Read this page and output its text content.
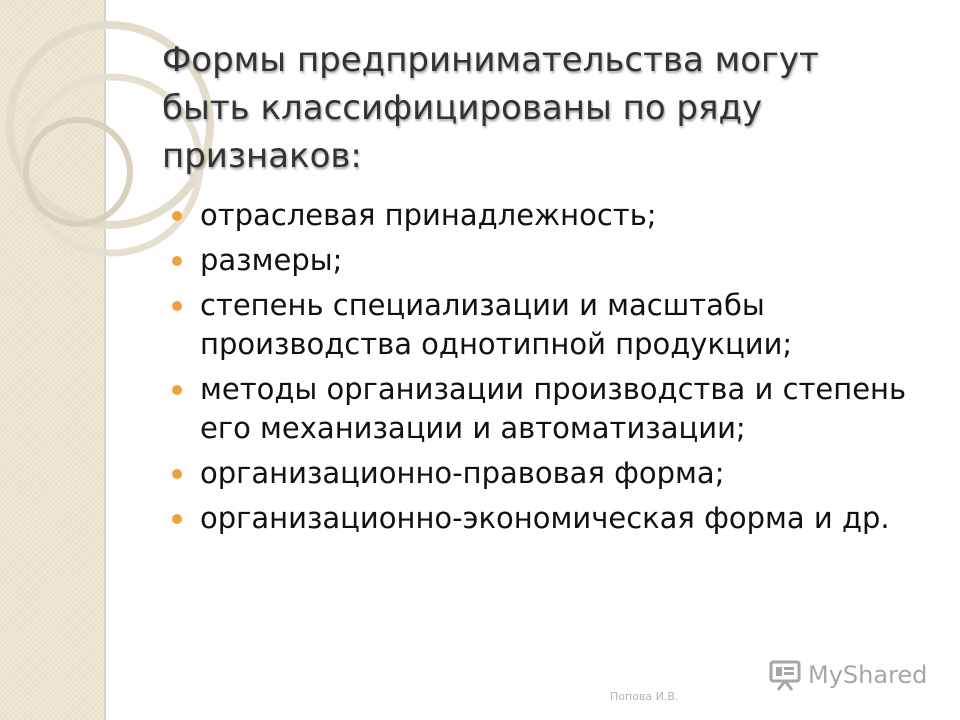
Формы предпринимательства могут быть классифицированы по ряду признаков:
отраслевая принадлежность;
размеры;
степень специализации и масштабы производства однотипной продукции;
методы организации производства и степень его механизации и автоматизации;
организационно-правовая форма;
организационно-экономическая форма и др.
Попова И.В.
MyShared
